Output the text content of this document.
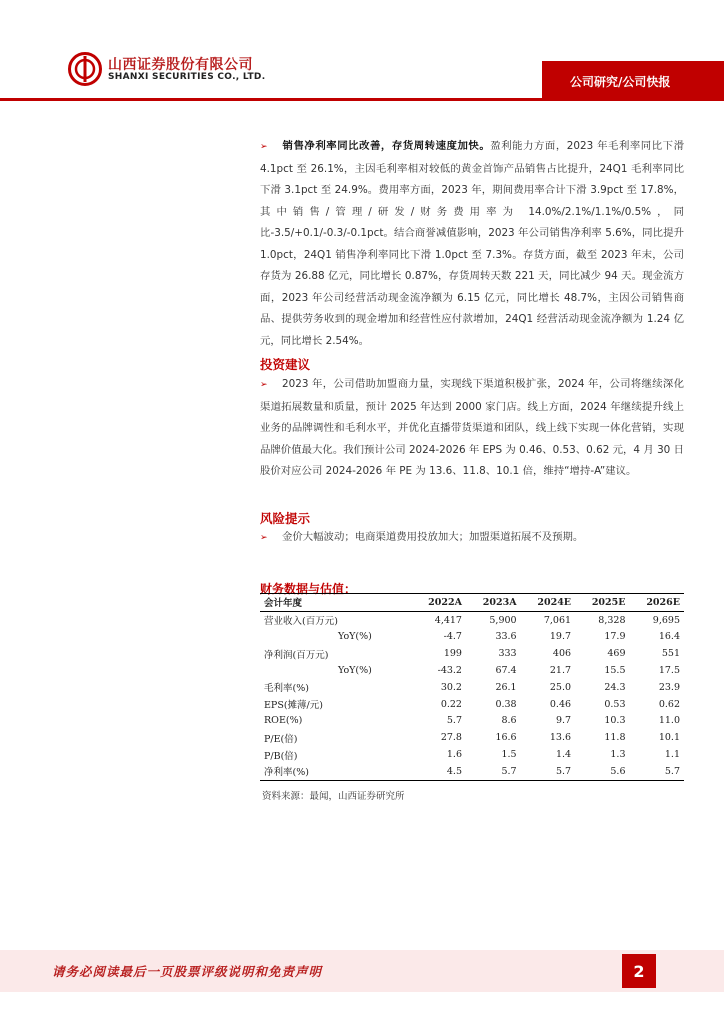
山西证券股份有限公司
SHANXI SECURITIES CO., LTD.	公司研究/公司快报

➢ 销售净利率同比改善，存货周转速度加快。盈利能力方面，2023 年毛利率同比下滑 4.1pct 至 26.1%，主因毛利率相对较低的黄金首饰产品销售占比提升，24Q1 毛利率同比下滑 3.1pct 至 24.9%。费用率方面，2023 年，期间费用率合计下滑 3.9pct 至 17.8%，其中销售/管理/研发/财务费用率为 14.0%/2.1%/1.1%/0.5%，同比-3.5/+0.1/-0.3/-0.1pct。结合商誉减值影响，2023 年公司销售净利率 5.6%，同比提升 1.0pct，24Q1 销售净利率同比下滑 1.0pct 至 7.3%。存货方面，截至 2023 年末，公司存货为 26.88 亿元，同比增长 0.87%，存货周转天数 221 天，同比减少 94 天。现金流方面，2023 年公司经营活动现金流净额为 6.15 亿元，同比增长 48.7%，主因公司销售商品、提供劳务收到的现金增加和经营性应付款增加，24Q1 经营活动现金流净额为 1.24 亿元，同比增长 2.54%。

投资建议

➢ 2023 年，公司借助加盟商力量，实现线下渠道积极扩张，2024 年，公司将继续深化渠道拓展数量和质量，预计 2025 年达到 2000 家门店。线上方面，2024 年继续提升线上业务的品牌调性和毛利水平，并优化直播带货渠道和团队，线上线下实现一体化营销，实现品牌价值最大化。我们预计公司 2024-2026 年 EPS 为 0.46、0.53、0.62 元，4 月 30 日股价对应公司 2024-2026 年 PE 为 13.6、11.8、10.1 倍，维持“增持-A”建议。

风险提示

➢ 金价大幅波动；电商渠道费用投放加大；加盟渠道拓展不及预期。

财务数据与估值：
会计年度	2022A	2023A	2024E	2025E	2026E
营业收入(百万元)	4,417	5,900	7,061	8,328	9,695
YoY(%)	-4.7	33.6	19.7	17.9	16.4
净利润(百万元)	199	333	406	469	551
YoY(%)	-43.2	67.4	21.7	15.5	17.5
毛利率(%)	30.2	26.1	25.0	24.3	23.9
EPS(摊薄/元)	0.22	0.38	0.46	0.53	0.62
ROE(%)	5.7	8.6	9.7	10.3	11.0
P/E(倍)	27.8	16.6	13.6	11.8	10.1
P/B(倍)	1.6	1.5	1.4	1.3	1.1
净利率(%)	4.5	5.7	5.7	5.6	5.7
资料来源：最闻，山西证券研究所
请务必阅读最后一页股票评级说明和免责声明	2
